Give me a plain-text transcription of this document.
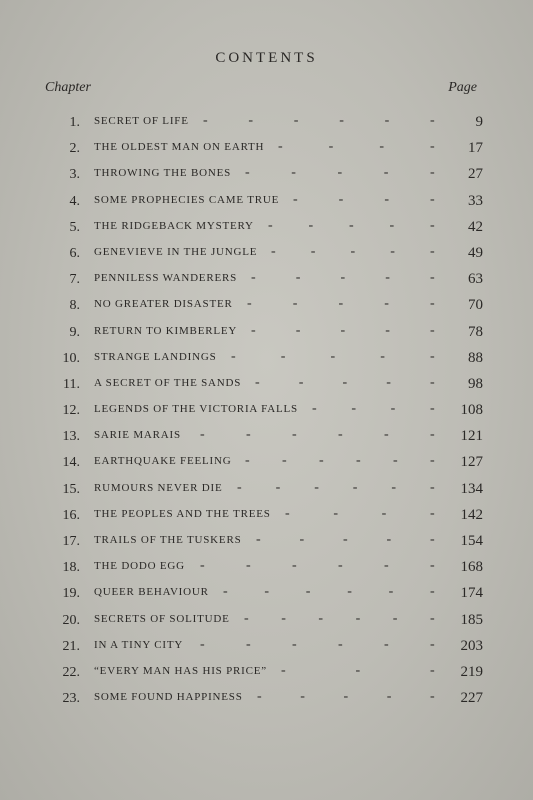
CONTENTS
Chapter	Page
1. SECRET OF LIFE -	-	-	-	-	-	9
2. THE OLDEST MAN ON EARTH -	-	-	-	17
3. THROWING THE BONES -	-	-	-	-	27
4. SOME PROPHECIES CAME TRUE -	-	-	-	33
5. THE RIDGEBACK MYSTERY -	-	-	-	-	42
6. GENEVIEVE IN THE JUNGLE -	-	-	-	-	49
7. PENNILESS WANDERERS -	-	-	-	-	63
8. NO GREATER DISASTER -	-	-	-	-	70
9. RETURN TO KIMBERLEY -	-	-	-	-	78
10. STRANGE LANDINGS -	-	-	-	-	88
11. A SECRET OF THE SANDS -	-	-	-	-	98
12. LEGENDS OF THE VICTORIA FALLS - - - -	108
13. SARIE MARAIS -	-	-	-	-	-	121
14. EARTHQUAKE FEELING - - - - - -	127
15. RUMOURS NEVER DIE - - - - - -	134
16. THE PEOPLES AND THE TREES -	-	-	-	142
17. TRAILS OF THE TUSKERS -	-	-	-	-	154
18. THE DODO EGG -	-	-	-	-	-	168
19. QUEER BEHAVIOUR -	-	-	-	-	-	174
20. SECRETS OF SOLITUDE - - - - - -	185
21. IN A TINY CITY -	-	-	-	-	-	203
22. “EVERY MAN HAS HIS PRICE” -	-	-	219
23. SOME FOUND HAPPINESS -	-	-	-	-	227
